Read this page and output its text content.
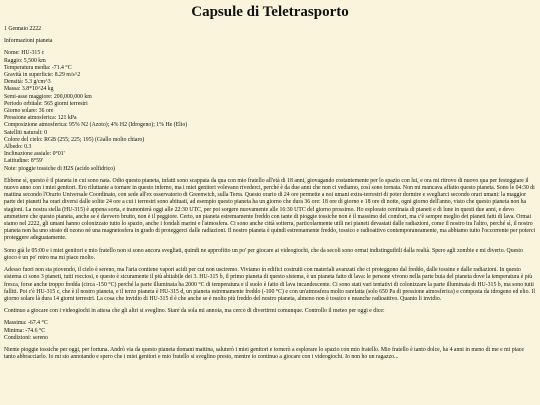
Capsule di Teletrasporto
1 Gennaio 2222
Informazioni pianeta
Nome: HU-315 c
Raggio: 5,500 km
Temperatura media: -71.4 °C
Gravità in superficie: 8.29 m/s^2
Densità: 5.3 g/cm^3
Massa: 3.8*10^24 kg
Semi-asse maggiore: 200,000,000 km
Periodo orbitale: 565 giorni terrestri
Giorno solare: 36 ore
Pressione atmosferica: 121 kPa
Composizione atmosferica: 95% N2 (Azoto); 4% H2 (Idrogeno); 1% He (Elio)
Satelliti naturali: 0
Colore del cielo: RGB (255; 225; 195) (Giallo molto chiaro)
Albedo: 0.3
Inclinazione assiale: 0°01'
Latitudine: 8°59'
Note: pioggie tossiche di H2S (acido solfidrico)
Ebbene sì, questo è il pianeta in cui sono nata. Odio questo pianeta, infatti sono scappata da qua con mio fratello all'età di 18 anni, giovagando costantemente per lo spazio con lui, e ora mi ritrovo di nuovo qua per festeggiare il nuovo anno con i miei genitori. Ero riluttante a tornare in questo inferno, ma i miei genitori volevano rivederci, perché è da due anni che non ci vediamo, così sono tornata. Non mi mancava affatto questo pianeta. Sono le 04:30 di mattina secondo l'Orario Universale Coordinato, con sede all'ex osservatorio di Greenwich, sulla Terra. Questo orario di 24 ore permette a noi umani extra-terrestri di poter dormire e svegliarci secondo orari umani: la maggior parte dei pianeti ha orari diversi dalle solite 24 ore a cui i terrestri sono abituati, ad esempio questo pianeta ha un giorno che dura 36 ore: 18 ore di giorno e 18 ore di notte, ogni giorno dell'anno, visto che questo pianeta non ha stagioni. La nostra stella (HU-315) è appena sorta, e tramonterà oggi alle 22:30 UTC, per poi sorgere nuovamente alle 16:30 UTC del giorno prossimo. Ho esplorato centinaia di pianeti e di lune in questi due anni, e devo ammettere che questo pianeta, anche se è davvero brutto, non è il peggiore. Certo, un pianeta estremamente freddo con tante di pioggie tossiche non è il massimo del comfort, ma c'è sempre meglio dei pianeti fatti di lava. Ormai siamo nel 2222, gli umani hanno colonizzato tutto lo spazio, anche i fondali marini e l'atmosfera. Ci sono anche città sotterra, particolarmente utili nei pianeti devastati dalle radiazioni, come il nostro tra l'altro, perché sì, il nostro pianeta non ha uno strato di ozono né una magnetosfera in grado di proteggerci dalle radiazioni. Il nostro pianeta è quindi estremamente freddo, tossico e radioattivo contemporaneamente, ma abbiamo tutto l'occorrente per poterci proteggere adeguatamente.
Sono già le 05:00 e i miei genitori e mio fratello non si sono ancora svegliati, quindi ne approfitto un po' per giocare ai videogiochi, che da secoli sono ormai indistinguibili dalla realtà. Spero agli zombie e mi diverto. Questo gioco è un po' retro ma mi piace molto.
Adesso fuori non sta piovendo, il cielo è sereno, ma l'aria contiene vapori acidi per cui non usciremo. Viviamo in edifici costruiti con materiali avanzati che ci proteggono dal freddo, dalle tossine e dalle radiazioni. In questo sistema ci sono 3 pianeti, tutti rocciosi, e questo è sicuramente il più abitabile dei 3. HU-315 b, il primo pianeta di questo sistema, è un pianeta fatto di lava: le persone vivono nella parte buia del pianeta dove la temperatura è più fresca, forse anche troppo fredda (circa -150 °C) perché la parte illuminata ha 2000 °C di temperatura e il suolo è fatto di lava incandescente. Ci sono stati vari tentativi di colonizzare la parte illuminata di HU-315 b, ma sono tutti falliti. Poi c'è HU-315 c, che è il nostro pianeta, e il terzo pianeta è HU-315 d, un pianeta estremamente freddo (-100 °C) e con un'atmosfera molto rarefatta (solo 650 Pa di pressione atmosferica) e composta da idrogeno ed elio. Il giorno solare là dura 14 giorni terrestri. La cosa che invidio di HU-315 d è che anche se è molto più freddo del nostro pianeta, almeno non è tossico e neanche radioattivo. Quanto li invidio.
Continuo a giocare con i videogiochi in attesa che gli altri si sveglino. Stare da sola mi annoia, ma cerco di divertirmi comunque. Controllo il meteo per oggi e dice:
Massima: -67.4 °C
Minima: -74.6 °C
Condizioni: sereno
Niente pioggie tossiche per oggi, per fortuna. Andrò via da questo pianeta domani mattina, saluterò i miei genitori e tornerò a esplorare lo spazio con mio fratello. Mio fratello è tanto dolce, ha 4 anni in meno di me e mi piace tanto abbracciarlo. Io mi sto annoiando e spero che i miei genitori e mio fratello si sveglino presto, mentre io continuo a giocare con i videogiochi. Io non ho un ragazzo...
